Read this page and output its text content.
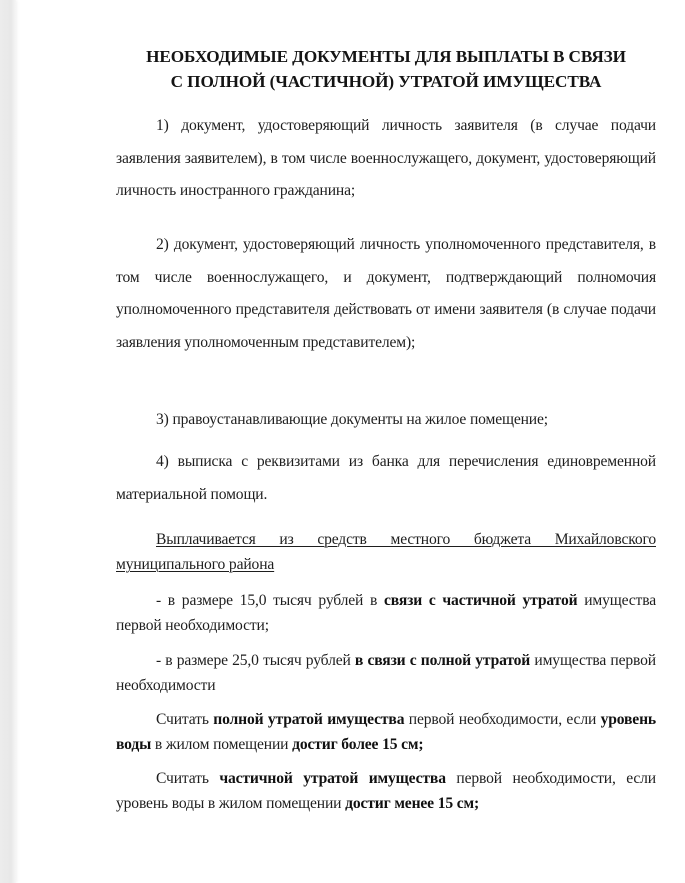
НЕОБХОДИМЫЕ ДОКУМЕНТЫ ДЛЯ ВЫПЛАТЫ В СВЯЗИ
С ПОЛНОЙ (ЧАСТИЧНОЙ) УТРАТОЙ ИМУЩЕСТВА

1) документ, удостоверяющий личность заявителя (в случае подачи заявления заявителем), в том числе военнослужащего, документ, удостоверяющий личность иностранного гражданина;

2) документ, удостоверяющий личность уполномоченного представителя, в том числе военнослужащего, и документ, подтверждающий полномочия уполномоченного представителя действовать от имени заявителя (в случае подачи заявления уполномоченным представителем);

3) правоустанавливающие документы на жилое помещение;

4) выписка с реквизитами из банка для перечисления единовременной материальной помощи.

Выплачивается из средств местного бюджета Михайловского муниципального района

- в размере 15,0 тысяч рублей в связи с частичной утратой имущества первой необходимости;

- в размере 25,0 тысяч рублей в связи с полной утратой имущества первой необходимости

Считать полной утратой имущества первой необходимости, если уровень воды в жилом помещении достиг более 15 см;

Считать частичной утратой имущества первой необходимости, если уровень воды в жилом помещении достиг менее 15 см;
